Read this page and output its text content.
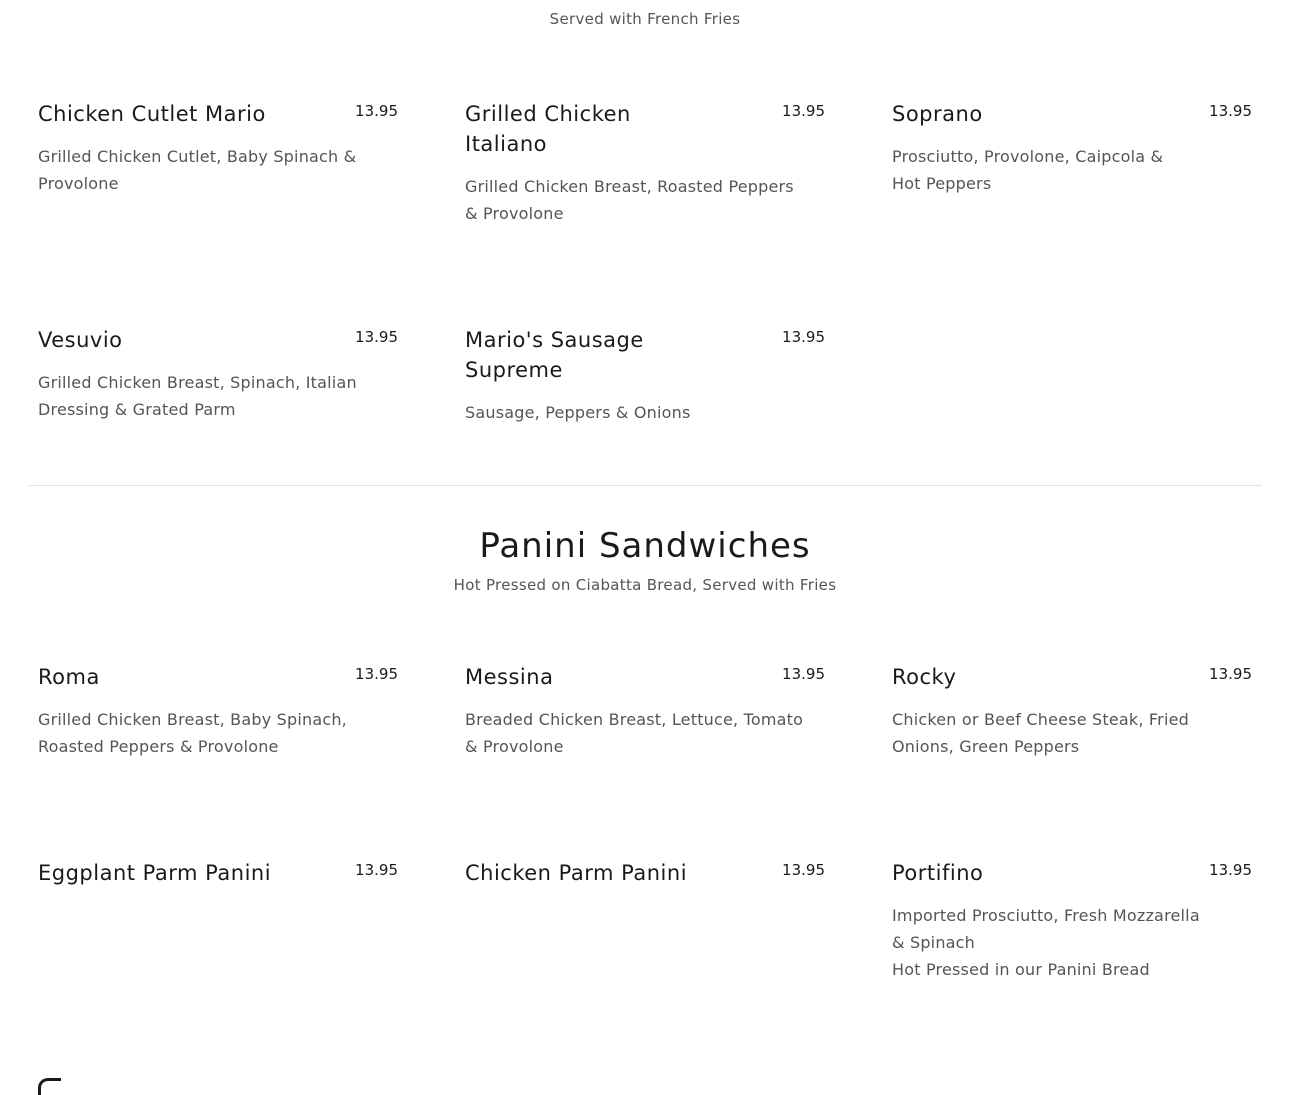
Served with French Fries
Chicken Cutlet Mario	13.95
Grilled Chicken Cutlet, Baby Spinach & Provolone
Grilled Chicken Italiano
13.95
Grilled Chicken Breast, Roasted Peppers & Provolone
Soprano	13.95
Prosciutto, Provolone, Caipcola & Hot Peppers
Vesuvio	13.95
Grilled Chicken Breast, Spinach, Italian Dressing & Grated Parm
Mario's Sausage Supreme
13.95
Sausage, Peppers & Onions
Panini Sandwiches
Hot Pressed on Ciabatta Bread, Served with Fries
Roma	13.95
Grilled Chicken Breast, Baby Spinach, Roasted Peppers & Provolone
Messina	13.95
Breaded Chicken Breast, Lettuce, Tomato & Provolone
Rocky	13.95
Chicken or Beef Cheese Steak, Fried Onions, Green Peppers
Eggplant Parm Panini	13.95	Chicken Parm Panini	13.95	Portifino	13.95
Imported Prosciutto, Fresh Mozzarella & Spinach
Hot Pressed in our Panini Bread
